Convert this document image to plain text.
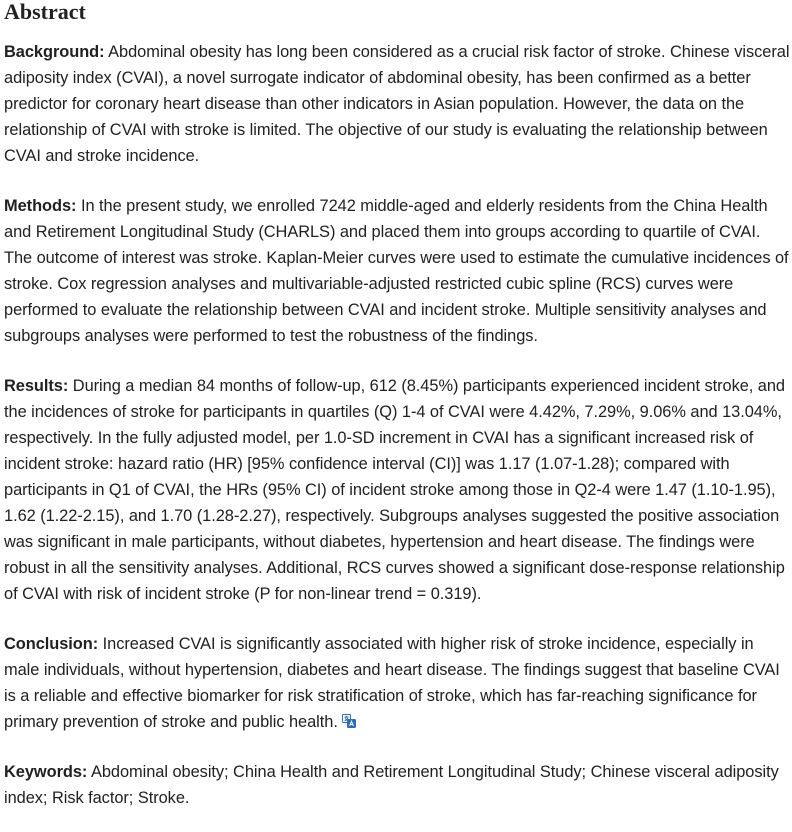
Abstract

Background: Abdominal obesity has long been considered as a crucial risk factor of stroke. Chinese visceral adiposity index (CVAI), a novel surrogate indicator of abdominal obesity, has been confirmed as a better predictor for coronary heart disease than other indicators in Asian population. However, the data on the relationship of CVAI with stroke is limited. The objective of our study is evaluating the relationship between CVAI and stroke incidence.

Methods: In the present study, we enrolled 7242 middle-aged and elderly residents from the China Health and Retirement Longitudinal Study (CHARLS) and placed them into groups according to quartile of CVAI. The outcome of interest was stroke. Kaplan-Meier curves were used to estimate the cumulative incidences of stroke. Cox regression analyses and multivariable-adjusted restricted cubic spline (RCS) curves were performed to evaluate the relationship between CVAI and incident stroke. Multiple sensitivity analyses and subgroups analyses were performed to test the robustness of the findings.

Results: During a median 84 months of follow-up, 612 (8.45%) participants experienced incident stroke, and the incidences of stroke for participants in quartiles (Q) 1-4 of CVAI were 4.42%, 7.29%, 9.06% and 13.04%, respectively. In the fully adjusted model, per 1.0-SD increment in CVAI has a significant increased risk of incident stroke: hazard ratio (HR) [95% confidence interval (CI)] was 1.17 (1.07-1.28); compared with participants in Q1 of CVAI, the HRs (95% CI) of incident stroke among those in Q2-4 were 1.47 (1.10-1.95), 1.62 (1.22-2.15), and 1.70 (1.28-2.27), respectively. Subgroups analyses suggested the positive association was significant in male participants, without diabetes, hypertension and heart disease. The findings were robust in all the sensitivity analyses. Additional, RCS curves showed a significant dose-response relationship of CVAI with risk of incident stroke (P for non-linear trend = 0.319).

Conclusion: Increased CVAI is significantly associated with higher risk of stroke incidence, especially in male individuals, without hypertension, diabetes and heart disease. The findings suggest that baseline CVAI is a reliable and effective biomarker for risk stratification of stroke, which has far-reaching significance for primary prevention of stroke and public health.

Keywords: Abdominal obesity; China Health and Retirement Longitudinal Study; Chinese visceral adiposity index; Risk factor; Stroke.
